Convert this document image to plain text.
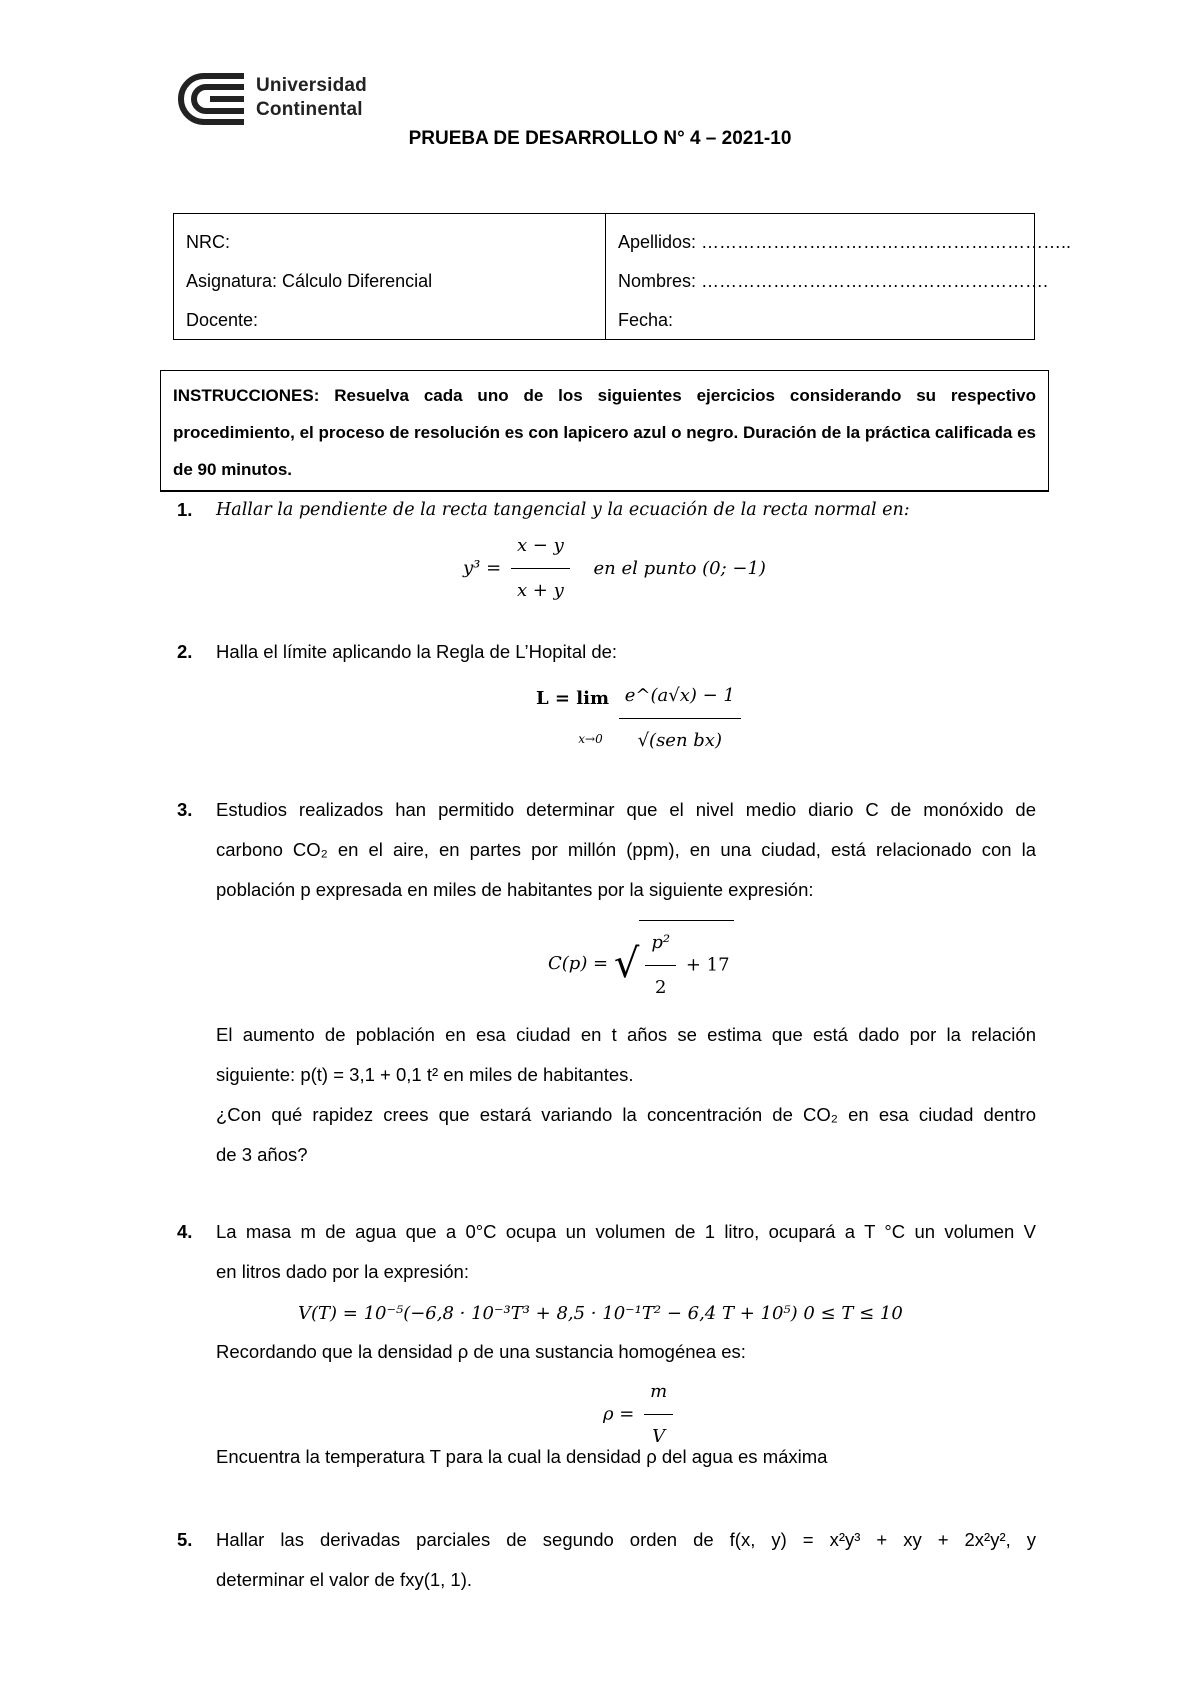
Universidad
Continental
PRUEBA DE DESARROLLO N° 4 – 2021-10
NRC:
Asignatura: Cálculo Diferencial
Docente:
Apellidos: ……………………………………………………..
Nombres: ………………………………………………….
Fecha:

INSTRUCCIONES: Resuelva cada uno de los siguientes ejercicios considerando su respectivo

procedimiento, el proceso de resolución es con lapicero azul o negro. Duración de la práctica calificada es

de 90 minutos.

1. Hallar la pendiente de la recta tangencial y la ecuación de la recta normal en:
$y^3 = \frac{x - y}{x + y}$ en el punto (0; −1)
2. Halla el límite aplicando la Regla de L’Hopital de:
L = lim
x→0
$\frac{e\^{}(a√x) - 1}{\text{√(sen bx)}}$
3. Estudios realizados han permitido determinar que el nivel medio diario C de monóxido de
carbono CO₂ en el aire, en partes por millón (ppm), en una ciudad, está relacionado con la
población p expresada en miles de habitantes por la siguiente expresión:
C(p) = √ $\frac{\text{p²}}{2} + 17$
El aumento de población en esa ciudad en t años se estima que está dado por la relación
siguiente: p(t) = 3,1 + 0,1 t² en miles de habitantes.
¿Con qué rapidez crees que estará variando la concentración de CO₂ en esa ciudad dentro
de 3 años?
4. La masa m de agua que a 0°C ocupa un volumen de 1 litro, ocupará a T °C un volumen V
en litros dado por la expresión:
V(T) = 10⁻⁵(−6,8 · 10⁻³T³ + 8,5 · 10⁻¹T² − 6,4 T + 10⁵) 0 ≤ T ≤ 10
Recordando que la densidad ρ de una sustancia homogénea es:
$\rho = \frac{m}{V}$
Encuentra la temperatura T para la cual la densidad ρ del agua es máxima
5. Hallar las derivadas parciales de segundo orden de f(x, y) = x²y³ + xy + 2x²y², y
determinar el valor de fxy(1, 1).
